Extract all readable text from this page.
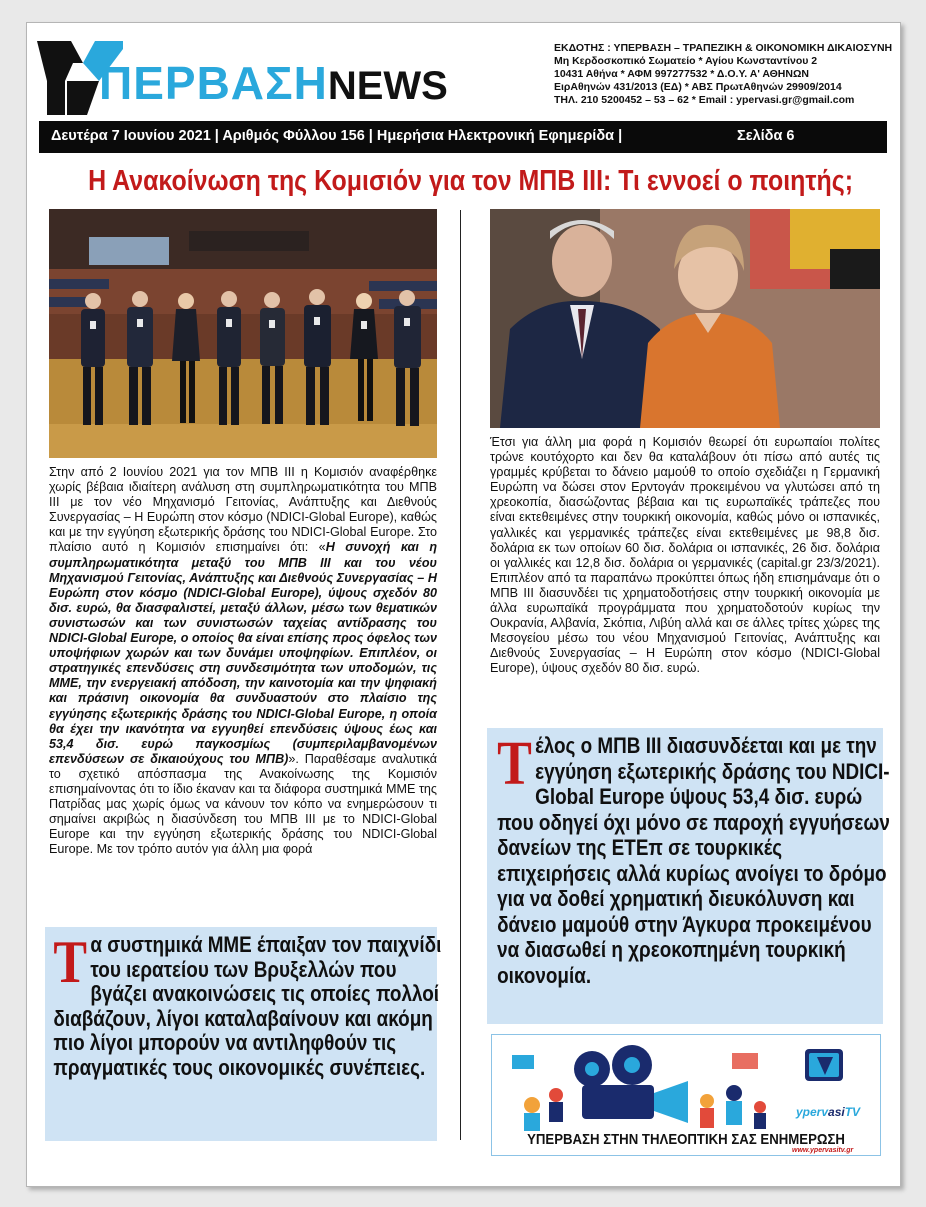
ΠΕΡΒΑΣΗNEWS
ΕΚΔΟΤΗΣ : ΥΠΕΡΒΑΣΗ – ΤΡΑΠΕΖΙΚΗ & ΟΙΚΟΝΟΜΙΚΗ ΔΙΚΑΙΟΣΥΝΗ
Μη Κερδοσκοπικό Σωματείο * Αγίου Κωνσταντίνου 2
10431 Αθήνα * ΑΦΜ 997277532 * Δ.Ο.Υ. Α' ΑΘΗΝΩΝ
ΕιρΑθηνών 431/2013 (ΕΔ) * ΑΒΣ ΠρωτΑθηνών 29909/2014
ΤΗΛ. 210 5200452 – 53 – 62 * Email : ypervasi.gr@gmail.com
Δευτέρα 7 Ιουνίου 2021 | Αριθμός Φύλλου 156 | Ημερήσια Ηλεκτρονική Εφημερίδα |	Σελίδα 6
Η Ανακοίνωση της Κομισιόν για τον ΜΠΒ ΙΙΙ: Τι εννοεί ο ποιητής;
Στην από 2 Ιουνίου 2021 για τον ΜΠΒ ΙΙΙ η Κομισιόν αναφέρθηκε χωρίς βέβαια ιδιαίτερη ανάλυση στη συμπληρωματικότητα του ΜΠΒ ΙΙΙ με τον νέο Μηχανισμό Γειτονίας, Ανάπτυξης και Διεθνούς Συνεργασίας – Η Ευρώπη στον κόσμο (NDICI-Global Europe), καθώς και με την εγγύηση εξωτερικής δράσης του NDICI-Global Europe. Στο πλαίσιο αυτό η Κομισιόν επισημαίνει ότι: «Η συνοχή και η συμπληρωματικότητα μεταξύ του ΜΠΒ ΙΙΙ και του νέου Μηχανισμού Γειτονίας, Ανάπτυξης και Διεθνούς Συνεργασίας – Η Ευρώπη στον κόσμο (NDICI-Global Europe), ύψους σχεδόν 80 δισ. ευρώ, θα διασφαλιστεί, μεταξύ άλλων, μέσω των θεματικών συνιστωσών και των συνιστωσών ταχείας αντίδρασης του NDICI-Global Europe, ο οποίος θα είναι επίσης προς όφελος των υποψήφιων χωρών και των δυνάμει υποψηφίων. Επιπλέον, οι στρατηγικές επενδύσεις στη συνδεσιμότητα των υποδομών, τις ΜΜΕ, την ενεργειακή απόδοση, την καινοτομία και την ψηφιακή και πράσινη οικονομία θα συνδυαστούν στο πλαίσιο της εγγύησης εξωτερικής δράσης του NDICI-Global Europe, η οποία θα έχει την ικανότητα να εγγυηθεί επενδύσεις ύψους έως και 53,4 δισ. ευρώ παγκοσμίως (συμπεριλαμβανομένων επενδύσεων σε δικαιούχους του ΜΠΒ)». Παραθέσαμε αναλυτικά το σχετικό απόσπασμα της Ανακοίνωσης της Κομισιόν επισημαίνοντας ότι το ίδιο έκαναν και τα διάφορα συστημικά ΜΜΕ της Πατρίδας μας χωρίς όμως να κάνουν τον κόπο να ενημερώσουν τι σημαίνει ακριβώς η διασύνδεση του ΜΠΒ ΙΙΙ με το NDICI-Global Europe και την εγγύηση εξωτερικής δράσης του NDICI-Global Europe. Με τον τρόπο αυτόν για άλλη μια φορά
Τα συστημικά ΜΜΕ έπαιξαν τον παιχνίδι του ιερατείου των Βρυξελλών που βγάζει ανακοινώσεις τις οποίες πολλοί διαβάζουν, λίγοι καταλαβαίνουν και ακόμη πιο λίγοι μπορούν να αντιληφθούν τις πραγματικές τους οικονομικές συνέπειες.
Έτσι για άλλη μια φορά η Κομισιόν θεωρεί ότι ευρωπαίοι πολίτες τρώνε κουτόχορτο και δεν θα καταλάβουν ότι πίσω από αυτές τις γραμμές κρύβεται το δάνειο μαμούθ το οποίο σχεδιάζει η Γερμανική Ευρώπη να δώσει στον Ερντογάν προκειμένου να γλυτώσει από τη χρεοκοπία, διασώζοντας βέβαια και τις ευρωπαϊκές τράπεζες που είναι εκτεθειμένες στην τουρκική οικονομία, καθώς μόνο οι ισπανικές, γαλλικές και γερμανικές τράπεζες είναι εκτεθειμένες με 98,8 δισ. δολάρια εκ των οποίων 60 δισ. δολάρια οι ισπανικές, 26 δισ. δολάρια οι γαλλικές και 12,8 δισ. δολάρια οι γερμανικές (capital.gr 23/3/2021). Επιπλέον από τα παραπάνω προκύπτει όπως ήδη επισημάναμε ότι ο ΜΠΒ ΙΙΙ διασυνδέει τις χρηματοδοτήσεις στην τουρκική οικονομία με άλλα ευρωπαϊκά προγράμματα που χρηματοδοτούν κυρίως την Ουκρανία, Αλβανία, Σκόπια, Λιβύη αλλά και σε άλλες τρίτες χώρες της Μεσογείου μέσω του νέου Μηχανισμού Γειτονίας, Ανάπτυξης και Διεθνούς Συνεργασίας – Η Ευρώπη στον κόσμο (NDICI-Global Europe), ύψους σχεδόν 80 δισ. ευρώ.
Τέλος ο ΜΠΒ ΙΙΙ διασυνδέεται και με την εγγύηση εξωτερικής δράσης του NDICI-Global Europe ύψους 53,4 δισ. ευρώ που οδηγεί όχι μόνο σε παροχή εγγυήσεων δανείων της ΕΤΕπ σε τουρκικές επιχειρήσεις αλλά κυρίως ανοίγει το δρόμο για να δοθεί χρηματική διευκόλυνση και δάνειο μαμούθ στην Άγκυρα προκειμένου να διασωθεί η χρεοκοπημένη τουρκική οικονομία.
ypervasiTV
ΥΠΕΡΒΑΣΗ ΣΤΗΝ ΤΗΛΕΟΠΤΙΚΗ ΣΑΣ ΕΝΗΜΕΡΩΣΗ
www.ypervasitv.gr
